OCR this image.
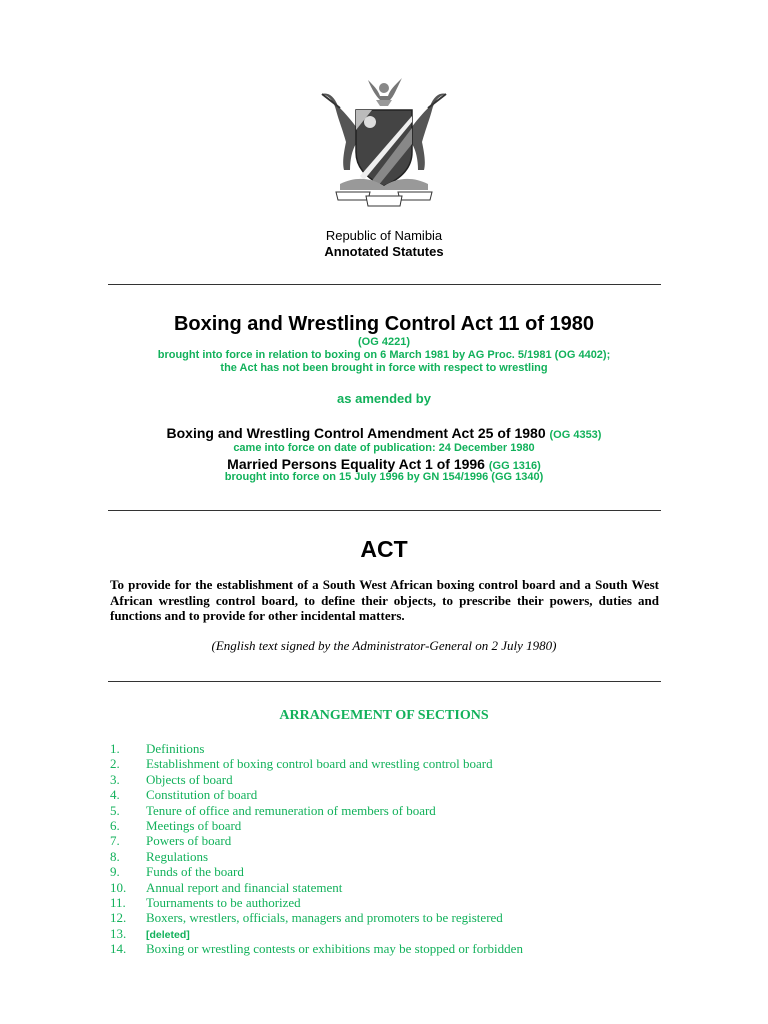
Republic of Namibia
Annotated Statutes
Boxing and Wrestling Control Act 11 of 1980
(OG 4221)
brought into force in relation to boxing on 6 March 1981 by AG Proc. 5/1981 (OG 4402);
the Act has not been brought in force with respect to wrestling
as amended by
Boxing and Wrestling Control Amendment Act 25 of 1980 (OG 4353)
came into force on date of publication: 24 December 1980
Married Persons Equality Act 1 of 1996 (GG 1316)
brought into force on 15 July 1996 by GN 154/1996 (GG 1340)
ACT
To provide for the establishment of a South West African boxing control board and a South West African wrestling control board, to define their objects, to prescribe their powers, duties and functions and to provide for other incidental matters.
(English text signed by the Administrator-General on 2 July 1980)
ARRANGEMENT OF SECTIONS
1. Definitions
2. Establishment of boxing control board and wrestling control board
3. Objects of board
4. Constitution of board
5. Tenure of office and remuneration of members of board
6. Meetings of board
7. Powers of board
8. Regulations
9. Funds of the board
10. Annual report and financial statement
11. Tournaments to be authorized
12. Boxers, wrestlers, officials, managers and promoters to be registered
13. [deleted]
14. Boxing or wrestling contests or exhibitions may be stopped or forbidden
